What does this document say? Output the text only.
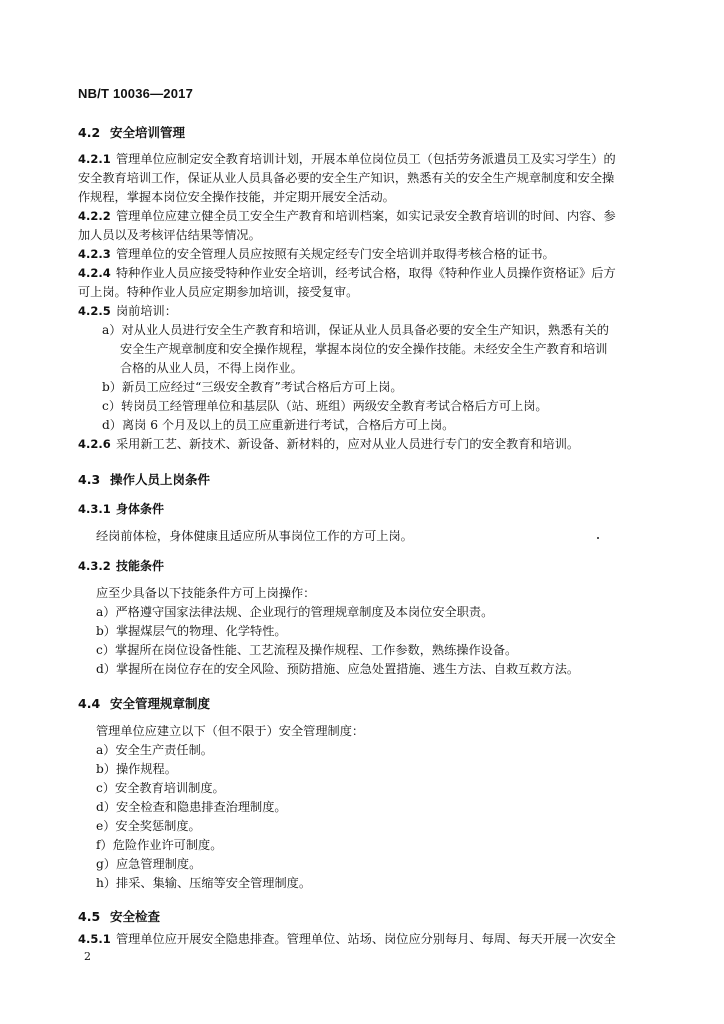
NB/T 10036—2017
4.2 安全培训管理
4.2.1 管理单位应制定安全教育培训计划，开展本单位岗位员工（包括劳务派遣员工及实习学生）的
安全教育培训工作，保证从业人员具备必要的安全生产知识，熟悉有关的安全生产规章制度和安全操
作规程，掌握本岗位安全操作技能，并定期开展安全活动。
4.2.2 管理单位应建立健全员工安全生产教育和培训档案，如实记录安全教育培训的时间、内容、参
加人员以及考核评估结果等情况。
4.2.3 管理单位的安全管理人员应按照有关规定经专门安全培训并取得考核合格的证书。
4.2.4 特种作业人员应接受特种作业安全培训，经考试合格，取得《特种作业人员操作资格证》后方
可上岗。特种作业人员应定期参加培训，接受复审。
4.2.5 岗前培训：
a）对从业人员进行安全生产教育和培训，保证从业人员具备必要的安全生产知识，熟悉有关的
安全生产规章制度和安全操作规程，掌握本岗位的安全操作技能。未经安全生产教育和培训
合格的从业人员，不得上岗作业。
b）新员工应经过“三级安全教育”考试合格后方可上岗。
c）转岗员工经管理单位和基层队（站、班组）两级安全教育考试合格后方可上岗。
d）离岗 6 个月及以上的员工应重新进行考试，合格后方可上岗。
4.2.6 采用新工艺、新技术、新设备、新材料的，应对从业人员进行专门的安全教育和培训。
4.3 操作人员上岗条件
4.3.1 身体条件
经岗前体检，身体健康且适应所从事岗位工作的方可上岗。
4.3.2 技能条件
应至少具备以下技能条件方可上岗操作：
a）严格遵守国家法律法规、企业现行的管理规章制度及本岗位安全职责。
b）掌握煤层气的物理、化学特性。
c）掌握所在岗位设备性能、工艺流程及操作规程、工作参数，熟练操作设备。
d）掌握所在岗位存在的安全风险、预防措施、应急处置措施、逃生方法、自救互救方法。
4.4 安全管理规章制度
管理单位应建立以下（但不限于）安全管理制度：
a）安全生产责任制。
b）操作规程。
c）安全教育培训制度。
d）安全检查和隐患排查治理制度。
e）安全奖惩制度。
f）危险作业许可制度。
g）应急管理制度。
h）排采、集输、压缩等安全管理制度。
4.5 安全检查
4.5.1 管理单位应开展安全隐患排查。管理单位、站场、岗位应分别每月、每周、每天开展一次安全
2
